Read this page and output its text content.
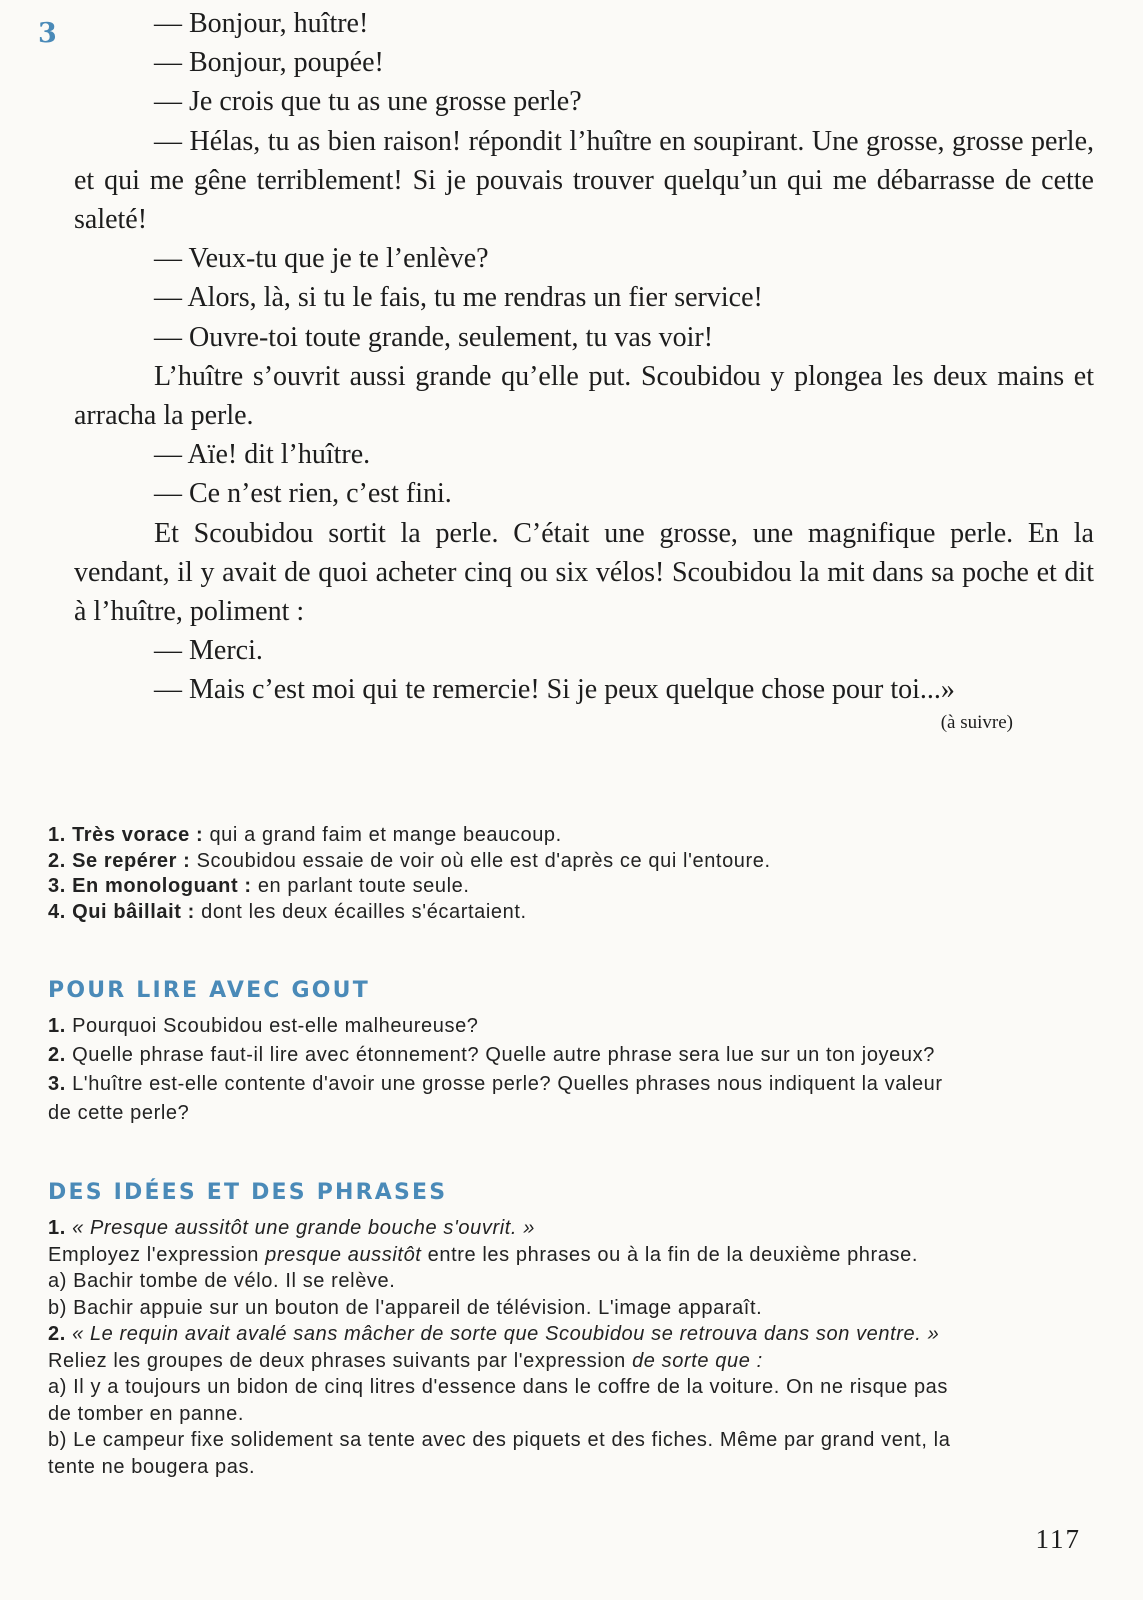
3	— Bonjour, huître!

— Bonjour, poupée!

— Je crois que tu as une grosse perle?

— Hélas, tu as bien raison! répondit l’huître en soupirant. Une grosse, grosse perle, et qui me gêne terriblement! Si je pouvais trouver quelqu’un qui me débarrasse de cette saleté!

— Veux-tu que je te l’enlève?

— Alors, là, si tu le fais, tu me rendras un fier service!

— Ouvre-toi toute grande, seulement, tu vas voir!

L’huître s’ouvrit aussi grande qu’elle put. Scoubidou y plongea les deux mains et arracha la perle.

— Aïe! dit l’huître.

— Ce n’est rien, c’est fini.

Et Scoubidou sortit la perle. C’était une grosse, une magnifique perle. En la vendant, il y avait de quoi acheter cinq ou six vélos! Scoubidou la mit dans sa poche et dit à l’huître, poliment :

— Merci.

— Mais c’est moi qui te remercie! Si je peux quelque chose pour toi...»

(à suivre)
1. Très vorace : qui a grand faim et mange beaucoup.
2. Se repérer : Scoubidou essaie de voir où elle est d'après ce qui l'entoure.
3. En monologuant : en parlant toute seule.
4. Qui bâillait : dont les deux écailles s'écartaient.
POUR LIRE AVEC GOUT
1. Pourquoi Scoubidou est-elle malheureuse?
2. Quelle phrase faut-il lire avec étonnement? Quelle autre phrase sera lue sur un ton joyeux?
3. L'huître est-elle contente d'avoir une grosse perle? Quelles phrases nous indiquent la valeur
de cette perle?
DES IDÉES ET DES PHRASES
1. « Presque aussitôt une grande bouche s'ouvrit. »
Employez l'expression presque aussitôt entre les phrases ou à la fin de la deuxième phrase.
a) Bachir tombe de vélo. Il se relève.
b) Bachir appuie sur un bouton de l'appareil de télévision. L'image apparaît.
2. « Le requin avait avalé sans mâcher de sorte que Scoubidou se retrouva dans son ventre. »
Reliez les groupes de deux phrases suivants par l'expression de sorte que :
a) Il y a toujours un bidon de cinq litres d'essence dans le coffre de la voiture. On ne risque pas
de tomber en panne.
b) Le campeur fixe solidement sa tente avec des piquets et des fiches. Même par grand vent, la
tente ne bougera pas.
117
